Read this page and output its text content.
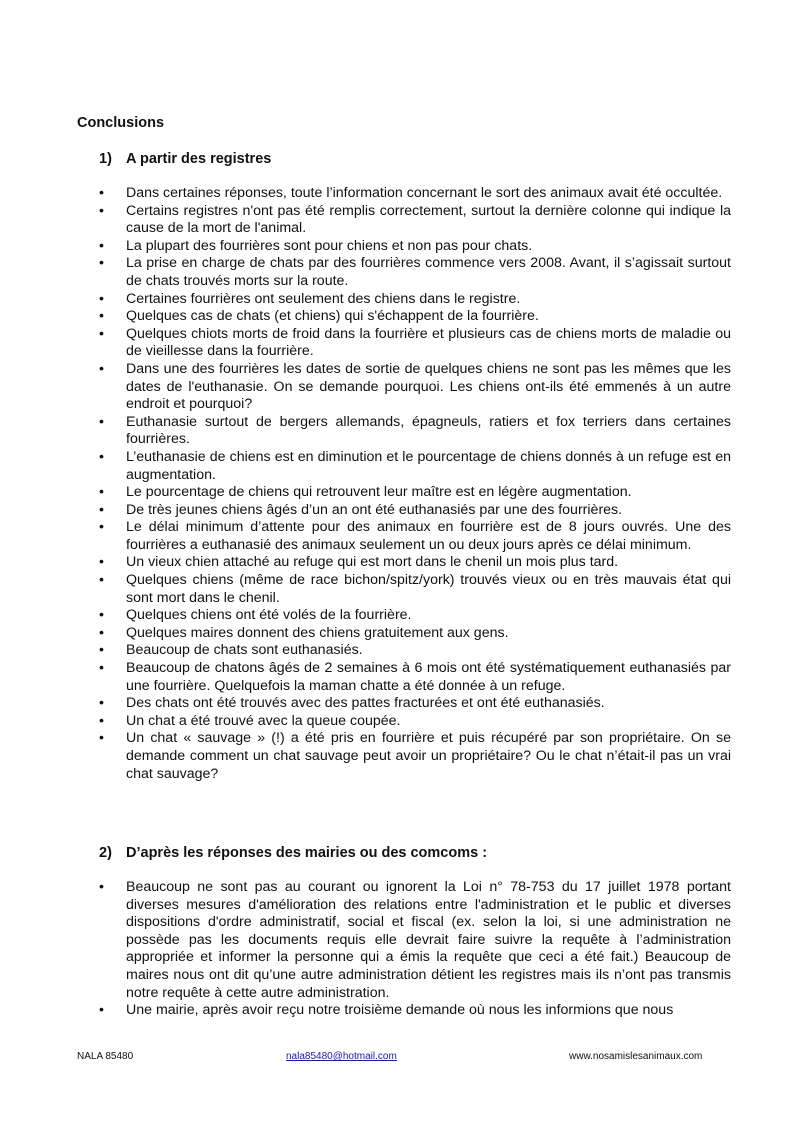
Conclusions
1) A partir des registres
•	Dans certaines réponses, toute l’information concernant le sort des animaux avait été occultée.
•	Certains registres n'ont pas été remplis correctement, surtout la dernière colonne qui indique la cause de la mort de l'animal.
•	La plupart des fourrières sont pour chiens et non pas pour chats.
•	La prise en charge de chats par des fourrières commence vers 2008. Avant, il s’agissait surtout de chats trouvés morts sur la route.
•	Certaines fourrières ont seulement des chiens dans le registre.
•	Quelques cas de chats (et chiens) qui s'échappent de la fourrière.
•	Quelques chiots morts de froid dans la fourrière et plusieurs cas de chiens morts de maladie ou de vieillesse dans la fourrière.
•	Dans une des fourrières les dates de sortie de quelques chiens ne sont pas les mêmes que les dates de l'euthanasie. On se demande pourquoi. Les chiens ont-ils été emmenés à un autre endroit et pourquoi?
•	Euthanasie surtout de bergers allemands, épagneuls, ratiers et fox terriers dans certaines fourrières.
•	L’euthanasie de chiens est en diminution et le pourcentage de chiens donnés à un refuge est en augmentation.
•	Le pourcentage de chiens qui retrouvent leur maître est en légère augmentation.
•	De très jeunes chiens âgés d’un an ont été euthanasiés par une des fourrières.
•	Le délai minimum d’attente pour des animaux en fourrière est de 8 jours ouvrés. Une des fourrières a euthanasié des animaux seulement un ou deux jours après ce délai minimum.
•	Un vieux chien attaché au refuge qui est mort dans le chenil un mois plus tard.
•	Quelques chiens (même de race bichon/spitz/york) trouvés vieux ou en très mauvais état qui sont mort dans le chenil.
•	Quelques chiens ont été volés de la fourrière.
•	Quelques maires donnent des chiens gratuitement aux gens.
•	Beaucoup de chats sont euthanasiés.
•	Beaucoup de chatons âgés de 2 semaines à 6 mois ont été systématiquement euthanasiés par une fourrière. Quelquefois la maman chatte a été donnée à un refuge.
•	Des chats ont été trouvés avec des pattes fracturées et ont été euthanasiés.
•	Un chat a été trouvé avec la queue coupée.
•	Un chat « sauvage » (!) a été pris en fourrière et puis récupéré par son propriétaire. On se demande comment un chat sauvage peut avoir un propriétaire? Ou le chat n’était-il pas un vrai chat sauvage?
2) D’après les réponses des mairies ou des comcoms :
•	Beaucoup ne sont pas au courant ou ignorent la Loi n° 78-753 du 17 juillet 1978 portant diverses mesures d'amélioration des relations entre l'administration et le public et diverses dispositions d'ordre administratif, social et fiscal (ex. selon la loi, si une administration ne possède pas les documents requis elle devrait faire suivre la requête à l’administration appropriée et informer la personne qui a émis la requête que ceci a été fait.) Beaucoup de maires nous ont dit qu’une autre administration détient les registres mais ils n’ont pas transmis notre requête à cette autre administration.
•	Une mairie, après avoir reçu notre troisième demande où nous les informions que nous
NALA 85480	nala85480@hotmail.com	www.nosamislesanimaux.com
